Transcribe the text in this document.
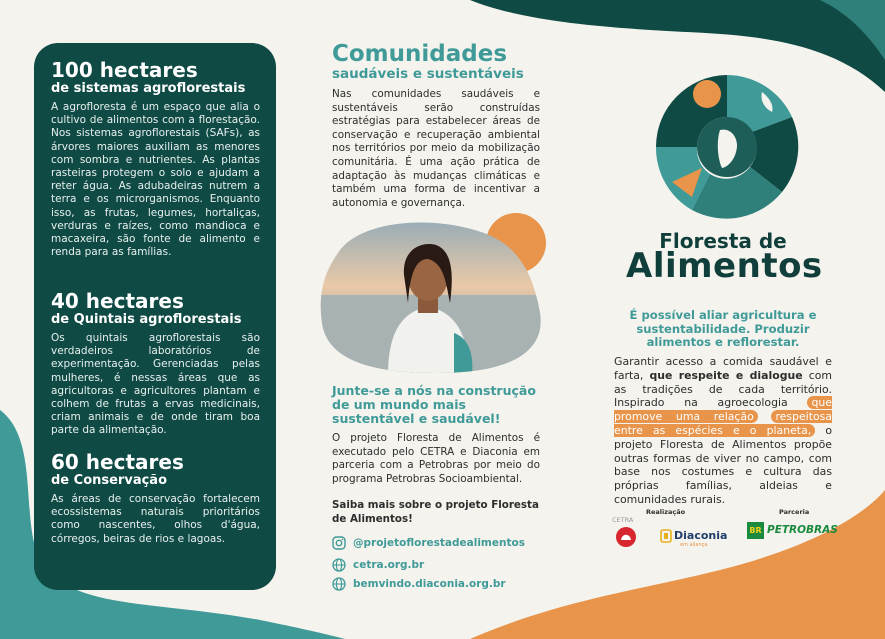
100 hectares
de sistemas agroflorestais

A agrofloresta é um espaço que alia o cultivo de alimentos com a florestação. Nos sistemas agroflorestais (SAFs), as árvores maiores auxiliam as menores com sombra e nutrientes. As plantas rasteiras protegem o solo e ajudam a reter água. As adubadeiras nutrem a terra e os microrganismos. Enquanto isso, as frutas, legumes, hortaliças, verduras e raízes, como mandioca e macaxeira, são fonte de alimento e renda para as famílias.

40 hectares
de Quintais agroflorestais

Os quintais agroflorestais são verdadeiros laboratórios de experimentação. Gerenciadas pelas mulheres, é nessas áreas que as agricultoras e agricultores plantam e colhem de frutas a ervas medicinais, criam animais e de onde tiram boa parte da alimentação.

60 hectares
de Conservação

As áreas de conservação fortalecem ecossistemas naturais prioritários como nascentes, olhos d'água, córregos, beiras de rios e lagoas.

Comunidades
saudáveis e sustentáveis

Nas comunidades saudáveis e sustentáveis serão construídas estratégias para estabelecer áreas de conservação e recuperação ambiental nos territórios por meio da mobilização comunitária. É uma ação prática de adaptação às mudanças climáticas e também uma forma de incentivar a autonomia e governança.

Junte-se a nós na construção de um mundo mais sustentável e saudável!

O projeto Floresta de Alimentos é executado pelo CETRA e Diaconia em parceria com a Petrobras por meio do programa Petrobras Socioambiental.

Saiba mais sobre o projeto Floresta de Alimentos!
@projetoflorestadealimentos
cetra.org.br
bemvindo.diaconia.org.br
Floresta de
Alimentos
É possível aliar agricultura e sustentabilidade. Produzir alimentos e reflorestar.

Garantir acesso a comida saudável e farta, que respeite e dialogue com as tradições de cada território. Inspirado na agroecologia que promove uma relação respeitosa entre as espécies e o planeta, o projeto Floresta de Alimentos propõe outras formas de viver no campo, com base nos costumes e cultura das próprias famílias, aldeias e comunidades rurais.

Realização	Parceria
CETRA
Diaconia
em aliança
BR PETROBRAS
